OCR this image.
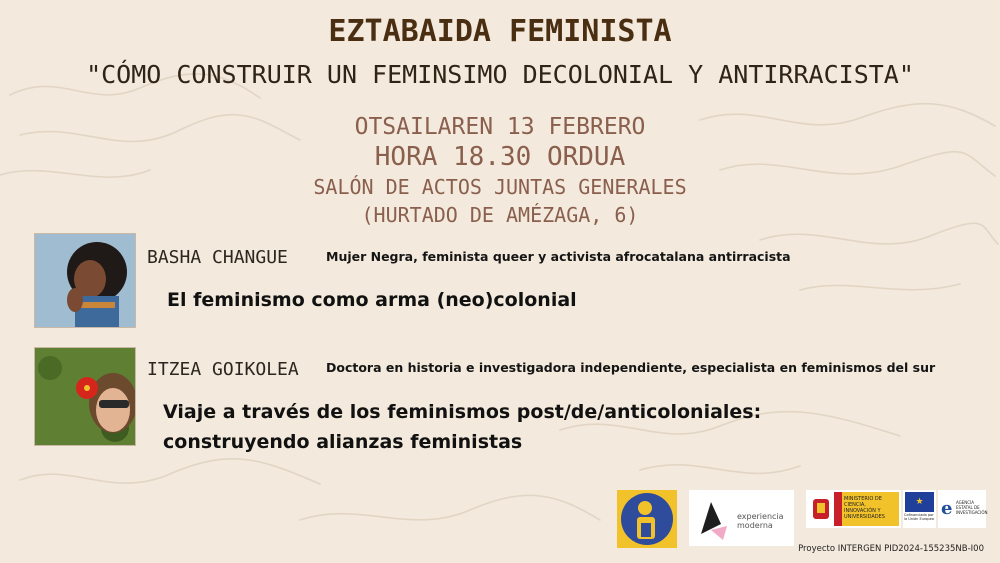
EZTABAIDA FEMINISTA
"CÓMO CONSTRUIR UN FEMINSIMO DECOLONIAL Y ANTIRRACISTA"
OTSAILAREN 13 FEBRERO
HORA 18.30 ORDUA
SALÓN DE ACTOS JUNTAS GENERALES
(HURTADO DE AMÉZAGA, 6)
BASHA CHANGUE	Mujer Negra, feminista queer y activista afrocatalana antirracista
El feminismo como arma (neo)colonial
ITZEA GOIKOLEA Doctora en historia e investigadora independiente, especialista en feminismos del sur
Viaje a través de los feminismos post/de/anticoloniales:
construyendo alianzas feministas
experiencia moderna
MINISTERIO DE CIENCIA, INNOVACIÓN Y UNIVERSIDADES
★
Cofinanciado por la Unión Europea e AGENCIA ESTATAL DE INVESTIGACIÓN
Proyecto INTERGEN PID2024-155235NB-I00
